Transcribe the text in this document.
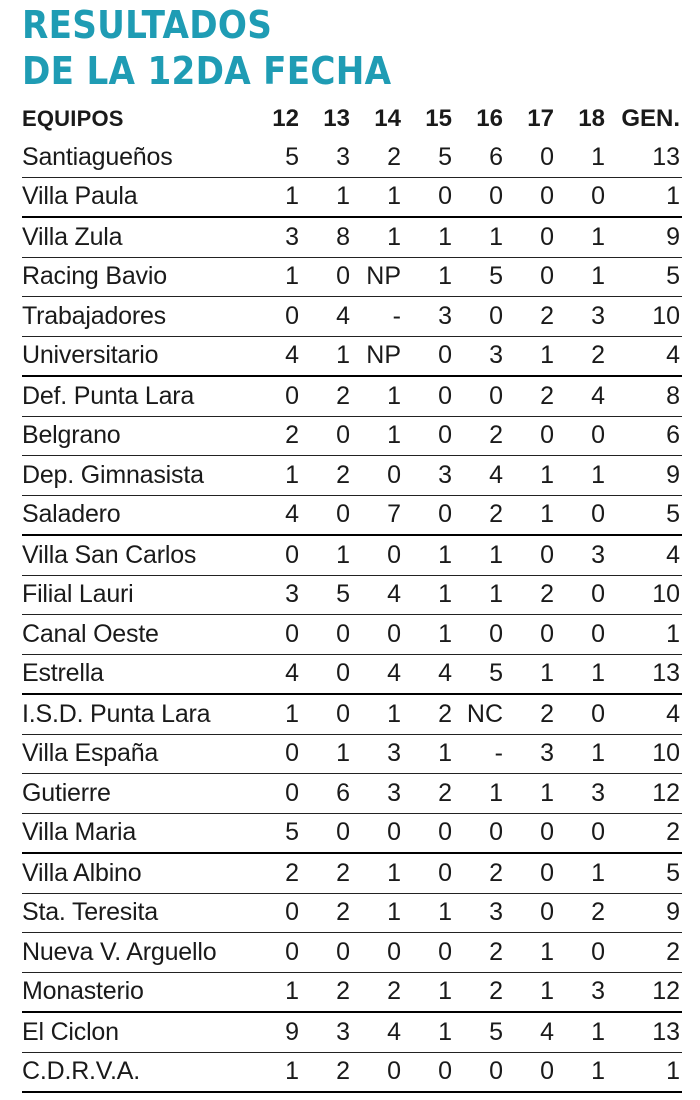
RESULTADOS
DE LA 12DA FECHA
EQUIPOS	12	13	14	15	16	17	18	GEN.
Santiagueños	5	3	2	5	6	0	1	13
Villa Paula	1	1	1	0	0	0	0	1
Villa Zula	3	8	1	1	1	0	1	9
Racing Bavio	1	0	NP	1	5	0	1	5
Trabajadores	0	4	-	3	0	2	3	10
Universitario	4	1	NP	0	3	1	2	4
Def. Punta Lara	0	2	1	0	0	2	4	8
Belgrano	2	0	1	0	2	0	0	6
Dep. Gimnasista	1	2	0	3	4	1	1	9
Saladero	4	0	7	0	2	1	0	5
Villa San Carlos	0	1	0	1	1	0	3	4
Filial Lauri	3	5	4	1	1	2	0	10
Canal Oeste	0	0	0	1	0	0	0	1
Estrella	4	0	4	4	5	1	1	13
I.S.D. Punta Lara	1	0	1	2	NC	2	0	4
Villa España	0	1	3	1	-	3	1	10
Gutierre	0	6	3	2	1	1	3	12
Villa Maria	5	0	0	0	0	0	0	2
Villa Albino	2	2	1	0	2	0	1	5
Sta. Teresita	0	2	1	1	3	0	2	9
Nueva V. Arguello	0	0	0	0	2	1	0	2
Monasterio	1	2	2	1	2	1	3	12
El Ciclon	9	3	4	1	5	4	1	13
C.D.R.V.A.	1	2	0	0	0	0	1	1
